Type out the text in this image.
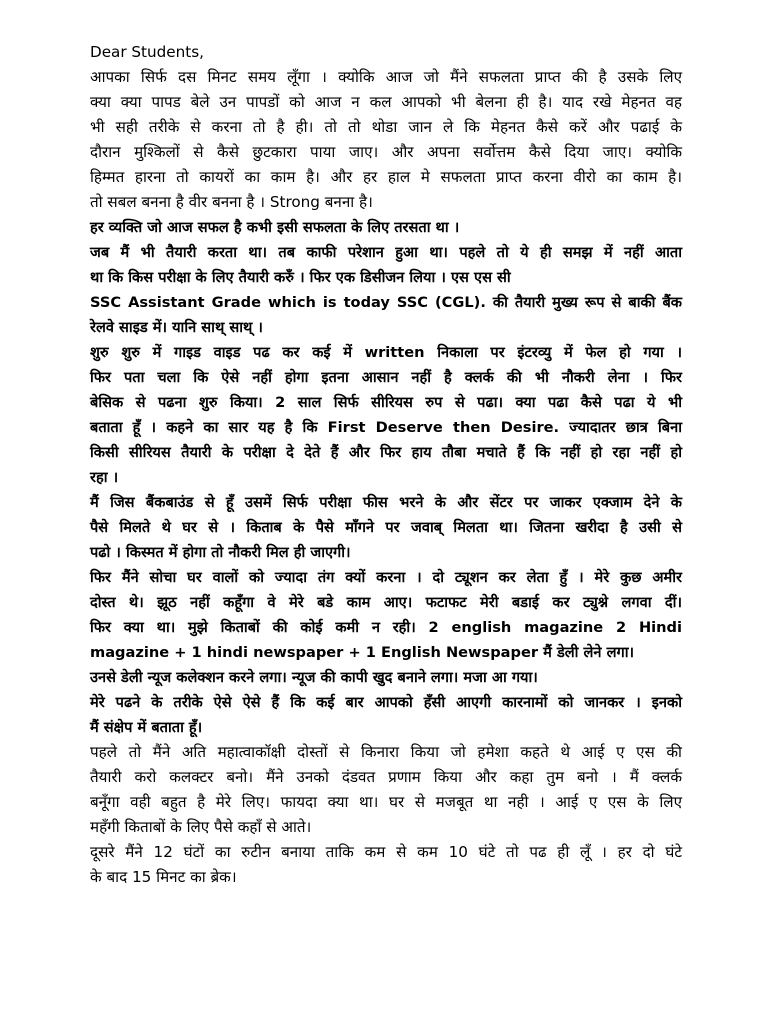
Dear Students,
आपका सिर्फ दस मिनट समय लूँगा । क्योकि आज जो मैंने सफलता प्राप्त की है उसके लिए
क्या क्या पापड बेले उन पापडों को आज न कल आपको भी बेलना ही है। याद रखे मेहनत वह
भी सही तरीके से करना तो है ही। तो तो थोडा जान ले कि मेहनत कैसे करें और पढाई के
दौरान मुश्किलों से कैसे छुटकारा पाया जाए। और अपना सर्वोत्तम कैसे दिया जाए। क्योकि
हिम्मत हारना तो कायरों का काम है। और हर हाल मे सफलता प्राप्त करना वीरो का काम है।
तो सबल बनना है वीर बनना है । Strong बनना है।
हर व्यक्ति जो आज सफल है कभी इसी सफलता के लिए तरसता था ।
जब मैं भी तैयारी करता था। तब काफी परेशान हुआ था। पहले तो ये ही समझ में नहीं आता
था कि किस परीक्षा के लिए तैयारी करुँ । फिर एक डिसीजन लिया । एस एस सी
SSC Assistant Grade which is today SSC (CGL). की तैयारी मुख्य रूप से बाकी बैंक
रेलवे साइड में। यानि साथ् साथ् ।
शुरु शुरु में गाइड वाइड पढ कर कई में written निकाला पर इंटरव्यु में फेल हो गया ।
फिर पता चला कि ऐसे नहीं होगा इतना आसान नहीं है क्लर्क की भी नौकरी लेना । फिर
बेसिक से पढना शुरु किया। 2 साल सिर्फ सीरियस रुप से पढा। क्या पढा कैसे पढा ये भी
बताता हूँ । कहने का सार यह है कि First Deserve then Desire. ज्यादातर छात्र बिना
किसी सीरियस तैयारी के परीक्षा दे देते हैं और फिर हाय तौबा मचाते हैं कि नहीं हो रहा नहीं हो
रहा ।
मैं जिस बैंकबाउंड से हूँ उसमें सिर्फ परीक्षा फीस भरने के और सेंटर पर जाकर एक्जाम देने के
पैसे मिलते थे घर से । किताब के पैसे माँगने पर जवाब् मिलता था। जितना खरीदा है उसी से
पढो । किस्मत में होगा तो नौकरी मिल ही जाएगी।
फिर मैंने सोचा घर वालों को ज्यादा तंग क्यों करना । दो ट्यूशन कर लेता हुँ । मेरे कुछ अमीर
दोस्त थे। झूठ नहीं कहूँगा वे मेरे बडे काम आए। फटाफट मेरी बडाई कर ट्युश्ने लगवा दीं।
फिर क्या था। मुझे किताबों की कोई कमी न रही। 2 english magazine 2 Hindi
magazine + 1 hindi newspaper + 1 English Newspaper मैं डेली लेने लगा।
उनसे डेली न्यूज कलेक्शन करने लगा। न्यूज की कापी खुद बनाने लगा। मजा आ गया।
मेरे पढने के तरीके ऐसे ऐसे हैं कि कई बार आपको हँसी आएगी कारनामों को जानकर । इनको
मैं संक्षेप में बताता हूँ।
पहले तो मैंने अति महात्वाकॉक्षी दोस्तों से किनारा किया जो हमेशा कहते थे आई ए एस की
तैयारी करो कलक्टर बनो। मैंने उनको दंडवत प्रणाम किया और कहा तुम बनो । मैं क्लर्क
बनूँगा वही बहुत है मेरे लिए। फायदा क्या था। घर से मजबूत था नही । आई ए एस के लिए
महँगी किताबों के लिए पैसे कहाँ से आते।
दूसरे मैंने 12 घंटों का रुटीन बनाया ताकि कम से कम 10 घंटे तो पढ ही लूँ । हर दो घंटे
के बाद 15 मिनट का ब्रेक।
